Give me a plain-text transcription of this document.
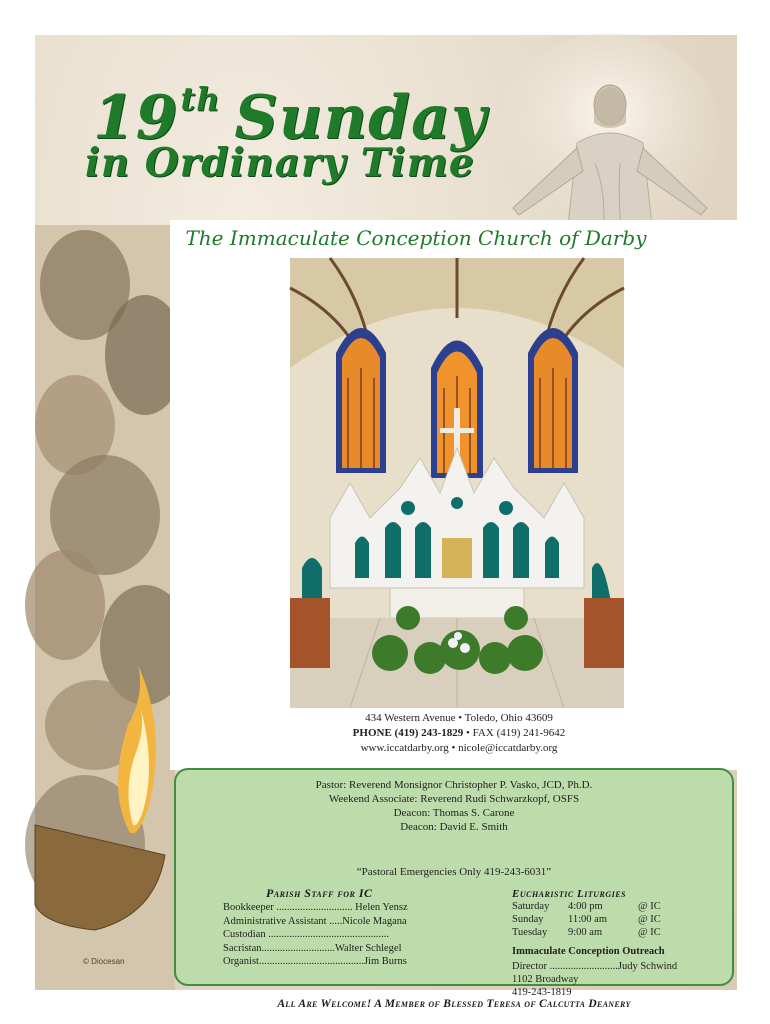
19th Sunday
in Ordinary Time
The Immaculate Conception Church of Darby
434 Western Avenue • Toledo, Ohio 43609
PHONE (419) 243-1829 • FAX (419) 241-9642
www.iccatdarby.org • nicole@iccatdarby.org
Pastor: Reverend Monsignor Christopher P. Vasko, JCD, Ph.D.
Weekend Associate: Reverend Rudi Schwarzkopf, OSFS
Deacon: Thomas S. Carone
Deacon: David E. Smith
“Pastoral Emergencies Only 419-243-6031”
Parish Staff for IC
Bookkeeper ............................. Helen Yensz
Administrative Assistant .....Nicole Magana
Custodian ..............................................
Sacristan............................Walter Schlegel
Organist........................................Jim Burns
Eucharistic Liturgies
Saturday 4:00 pm	@ IC
Sunday 11:00 am	@ IC
Tuesday 9:00 am	@ IC
Immaculate Conception Outreach
Director ..........................Judy Schwind
1102 Broadway
419-243-1819
All Are Welcome! A Member of Blessed Teresa of Calcutta Deanery
© Diocesan
